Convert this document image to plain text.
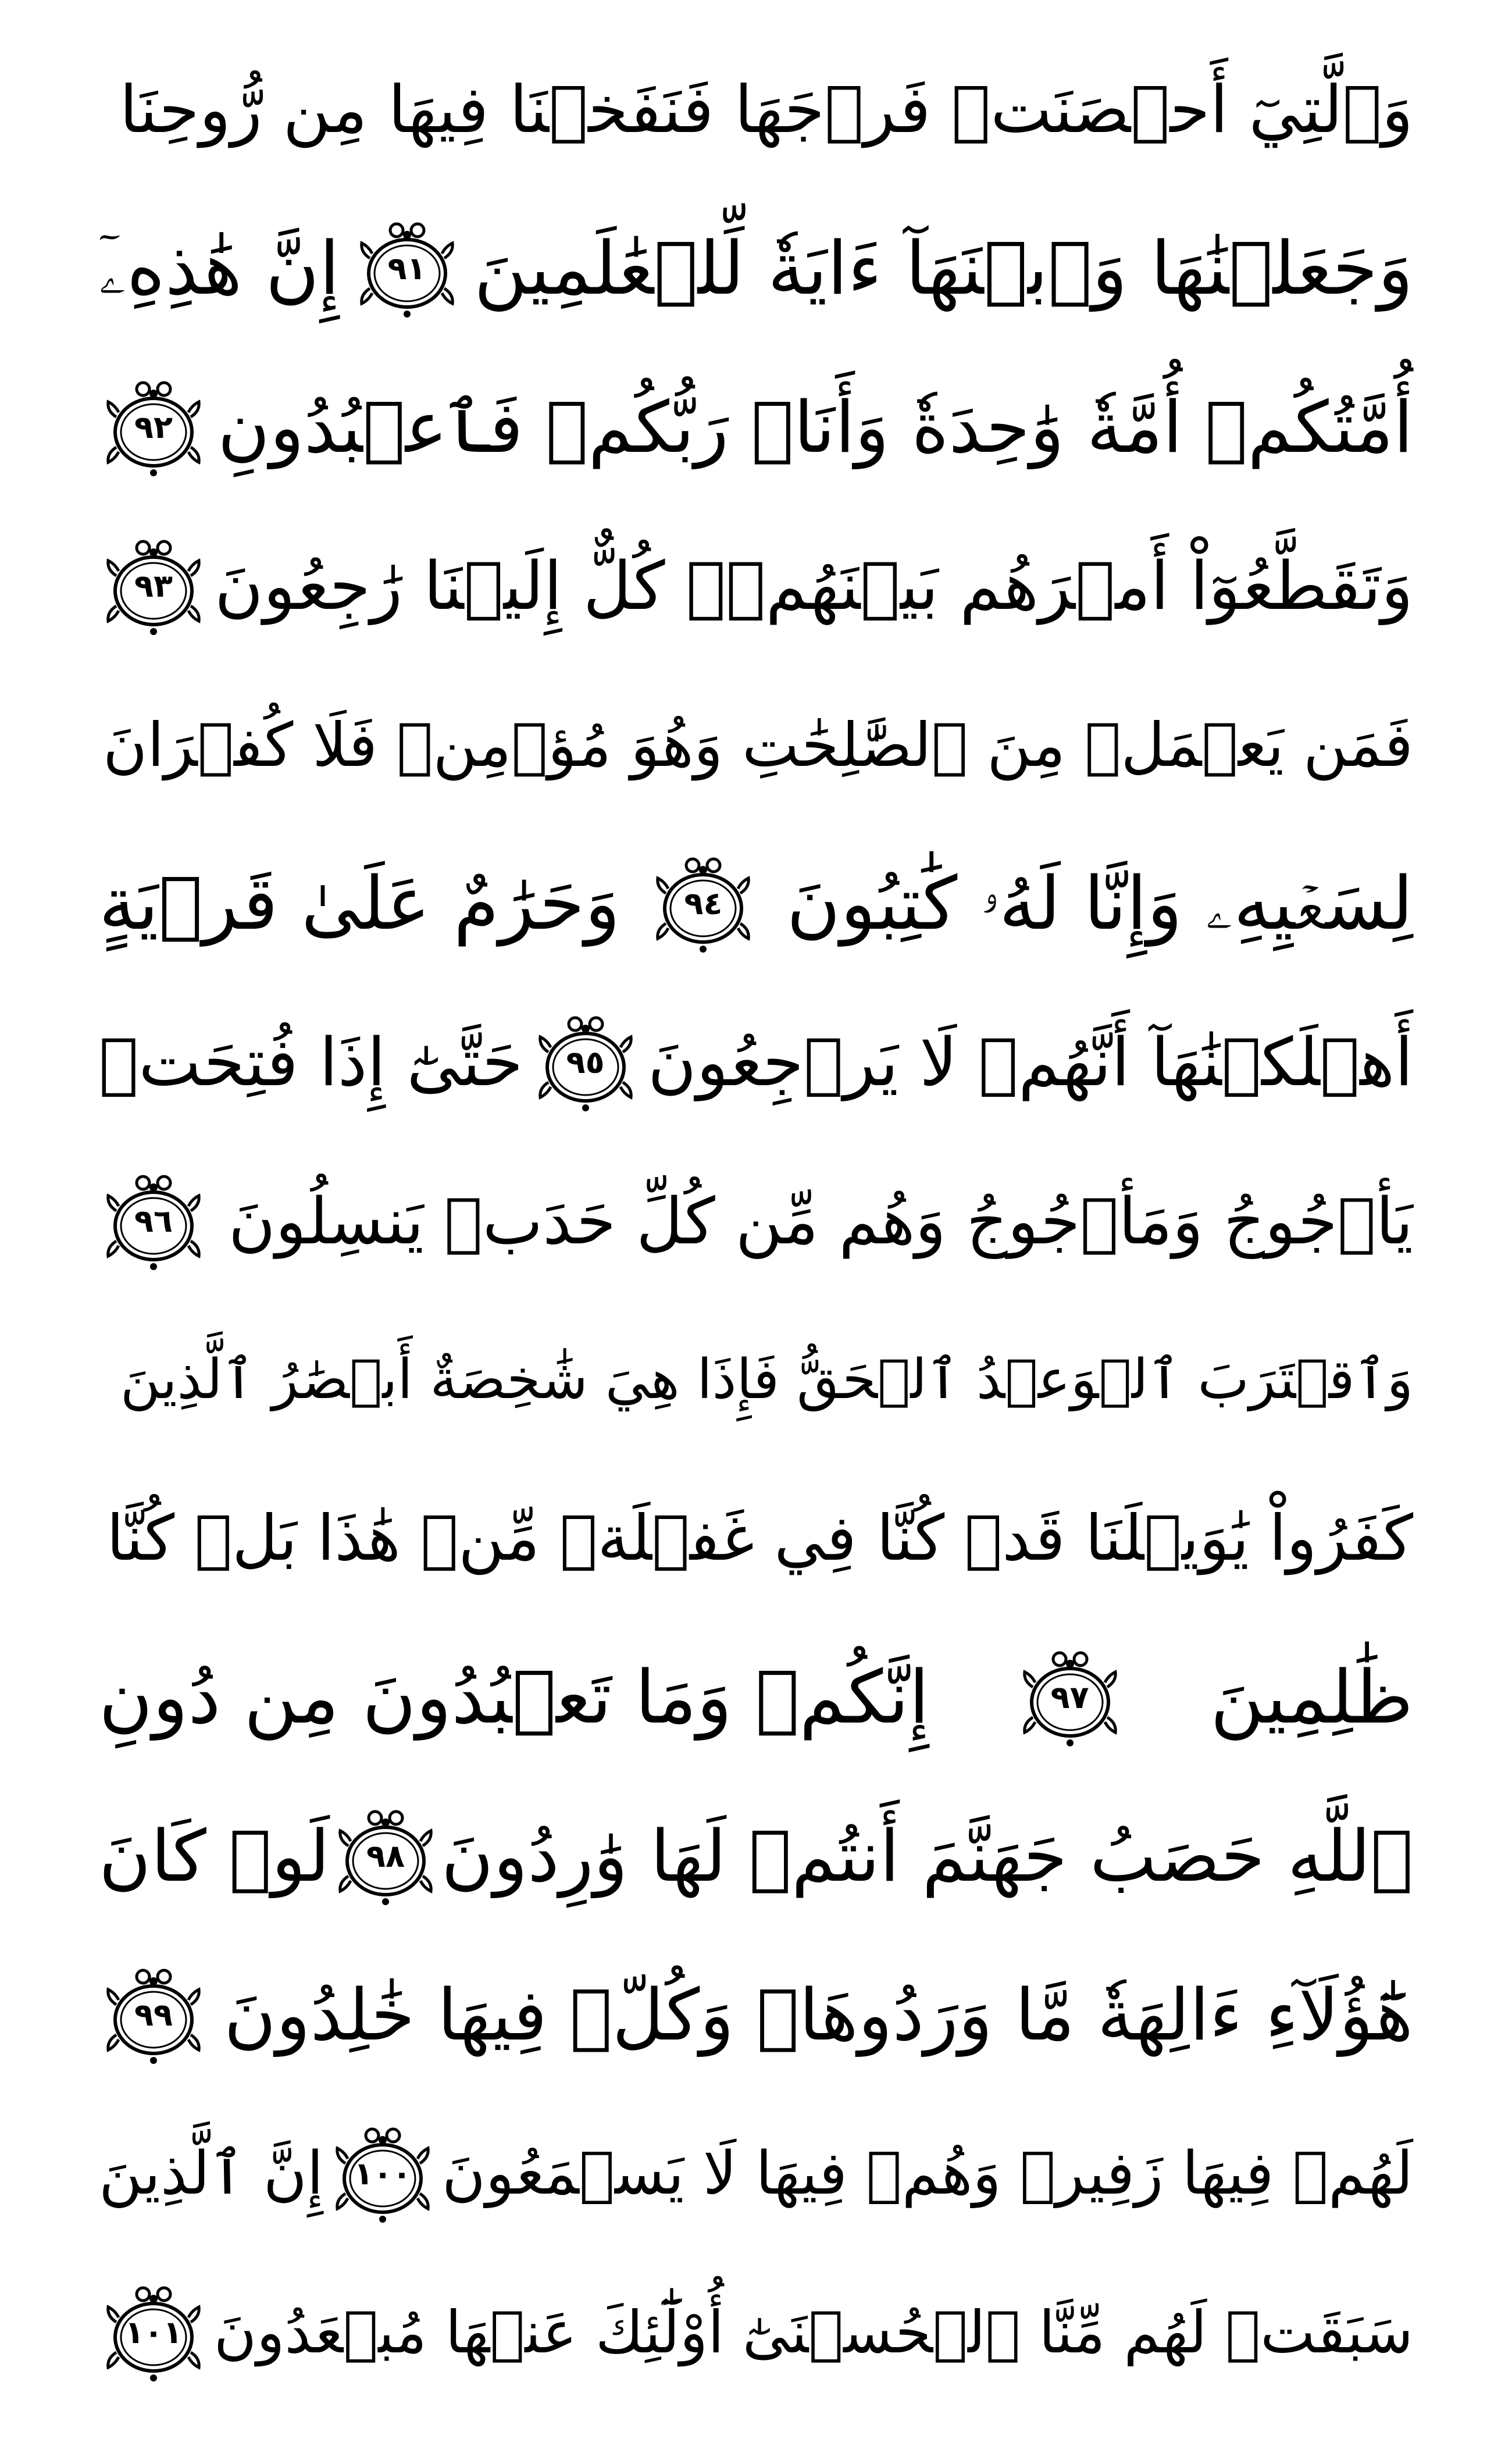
وَٱلَّتِيٓ أَحۡصَنَتۡ فَرۡجَهَا فَنَفَخۡنَا فِيهَا مِن رُّوحِنَا
وَجَعَلۡنَٰهَا وَٱبۡنَهَآ ءَايَةٗ لِّلۡعَٰلَمِينَ
٩١
إِنَّ هَٰذِهِۦٓ
أُمَّتُكُمۡ أُمَّةٗ وَٰحِدَةٗ وَأَنَا۠ رَبُّكُمۡ فَٱعۡبُدُونِ
٩٢
وَتَقَطَّعُوٓاْ أَمۡرَهُم بَيۡنَهُمۡۖ كُلٌّ إِلَيۡنَا رَٰجِعُونَ
٩٣
فَمَن يَعۡمَلۡ مِنَ ٱلصَّٰلِحَٰتِ وَهُوَ مُؤۡمِنٞ فَلَا كُفۡرَانَ
لِسَعۡيِهِۦ وَإِنَّا لَهُۥ كَٰتِبُونَ
٩٤
وَحَرَٰمٌ عَلَىٰ قَرۡيَةٍ
أَهۡلَكۡنَٰهَآ أَنَّهُمۡ لَا يَرۡجِعُونَ
٩٥
حَتَّىٰٓ إِذَا فُتِحَتۡ
يَأۡجُوجُ وَمَأۡجُوجُ وَهُم مِّن كُلِّ حَدَبٖ يَنسِلُونَ
٩٦
وَٱقۡتَرَبَ ٱلۡوَعۡدُ ٱلۡحَقُّ فَإِذَا هِيَ شَٰخِصَةٌ أَبۡصَٰرُ ٱلَّذِينَ
كَفَرُواْ يَٰوَيۡلَنَا قَدۡ كُنَّا فِي غَفۡلَةٖ مِّنۡ هَٰذَا بَلۡ كُنَّا
ظَٰلِمِينَ
٩٧
إِنَّكُمۡ وَمَا تَعۡبُدُونَ مِن دُونِ
ٱللَّهِ حَصَبُ جَهَنَّمَ أَنتُمۡ لَهَا وَٰرِدُونَ
٩٨
لَوۡ كَانَ
هَٰٓؤُلَآءِ ءَالِهَةٗ مَّا وَرَدُوهَاۖ وَكُلّٞ فِيهَا خَٰلِدُونَ
٩٩
لَهُمۡ فِيهَا زَفِيرٞ وَهُمۡ فِيهَا لَا يَسۡمَعُونَ
١٠٠
إِنَّ ٱلَّذِينَ
سَبَقَتۡ لَهُم مِّنَّا ٱلۡحُسۡنَىٰٓ أُوْلَٰٓئِكَ عَنۡهَا مُبۡعَدُونَ
١٠١
